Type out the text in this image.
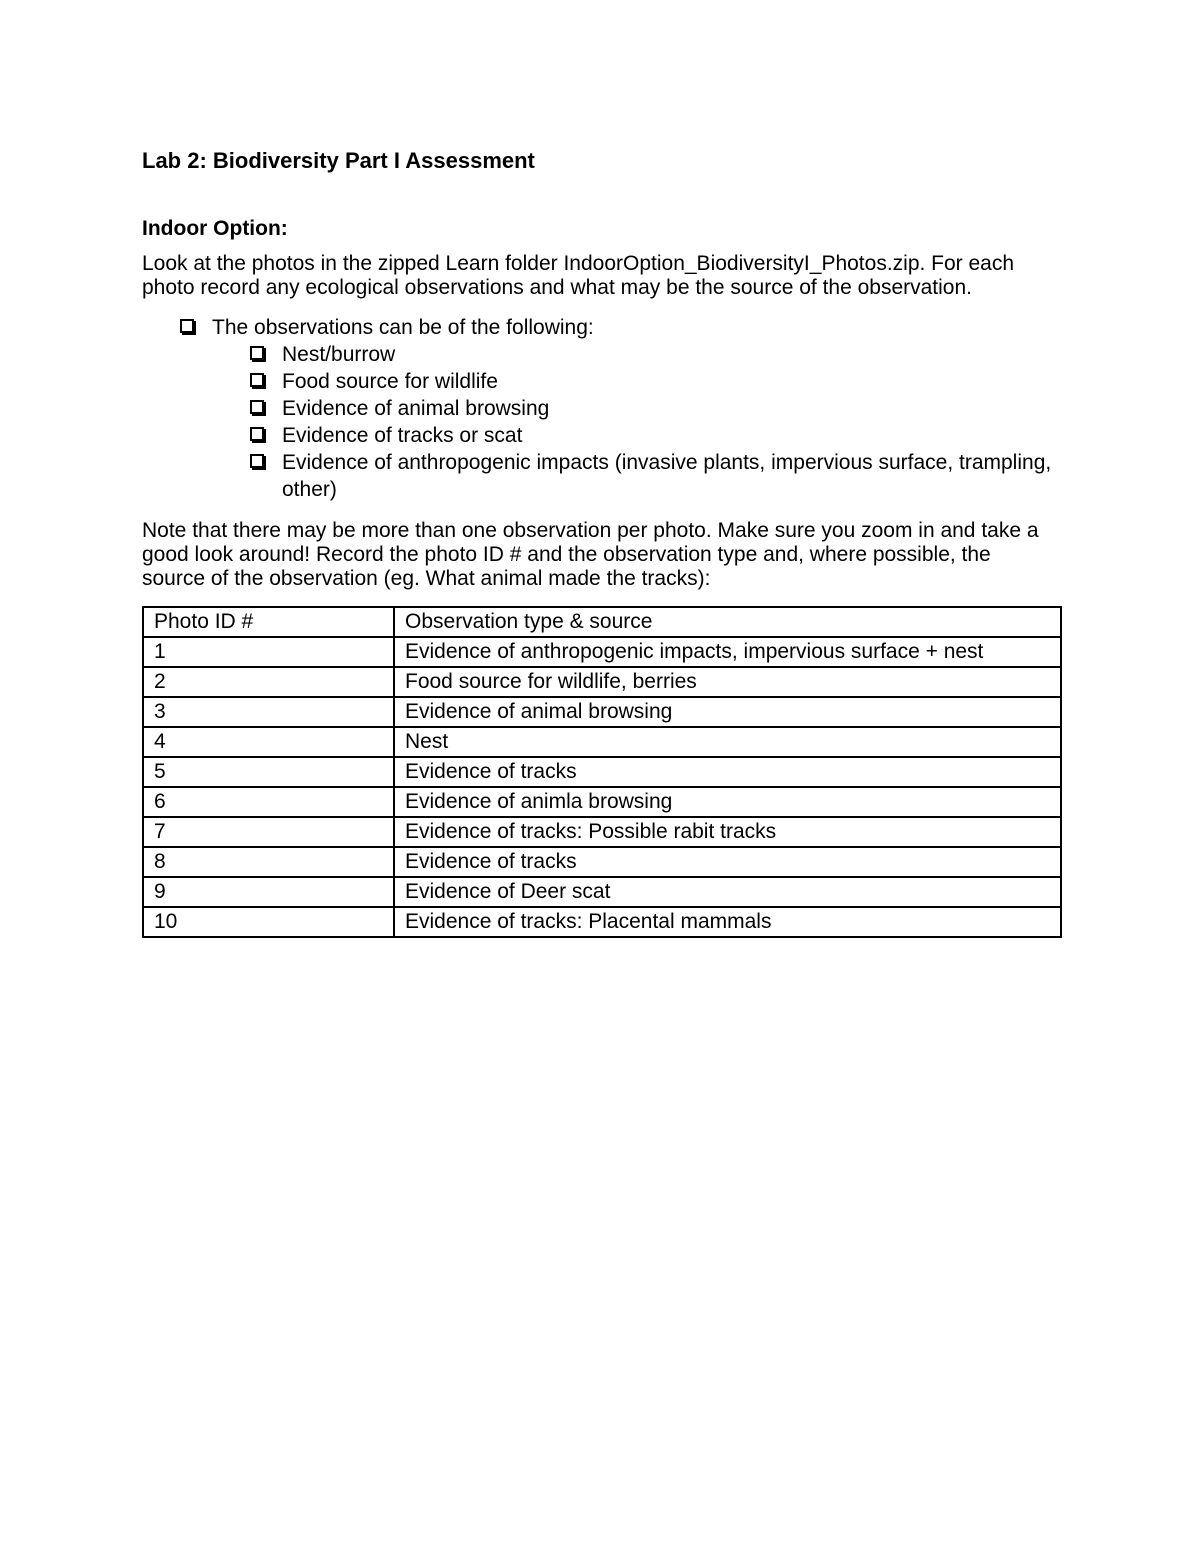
Lab 2: Biodiversity Part I Assessment
Indoor Option:

Look at the photos in the zipped Learn folder IndoorOption_BiodiversityI_Photos.zip. For each photo record any ecological observations and what may be the source of the observation.

The observations can be of the following:
Nest/burrow
Food source for wildlife
Evidence of animal browsing
Evidence of tracks or scat
Evidence of anthropogenic impacts (invasive plants, impervious surface, trampling, other)

Note that there may be more than one observation per photo. Make sure you zoom in and take a good look around! Record the photo ID # and the observation type and, where possible, the source of the observation (eg. What animal made the tracks):

Photo ID #	Observation type & source
1	Evidence of anthropogenic impacts, impervious surface + nest
2	Food source for wildlife, berries
3	Evidence of animal browsing
4	Nest
5	Evidence of tracks
6	Evidence of animla browsing
7	Evidence of tracks: Possible rabit tracks
8	Evidence of tracks
9	Evidence of Deer scat
10	Evidence of tracks: Placental mammals
